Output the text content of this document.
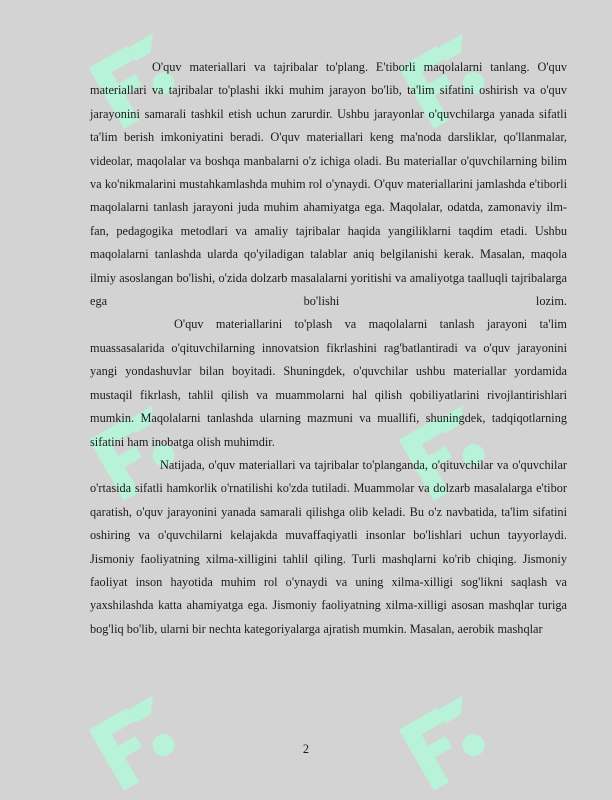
O'quv materiallari va tajribalar to'plang. E'tiborli maqolalarni tanlang. O'quv materiallari va tajribalar to'plashi ikki muhim jarayon bo'lib, ta'lim sifatini oshirish va o'quv jarayonini samarali tashkil etish uchun zarurdir. Ushbu jarayonlar o'quvchilarga yanada sifatli ta'lim berish imkoniyatini beradi. O'quv materiallari keng ma'noda darsliklar, qo'llanmalar, videolar, maqolalar va boshqa manbalarni o'z ichiga oladi. Bu materiallar o'quvchilarning bilim va ko'nikmalarini mustahkamlashda muhim rol o'ynaydi. O'quv materiallarini jamlashda e'tiborli maqolalarni tanlash jarayoni juda muhim ahamiyatga ega. Maqolalar, odatda, zamonaviy ilm-fan, pedagogika metodlari va amaliy tajribalar haqida yangiliklarni taqdim etadi. Ushbu maqolalarni tanlashda ularda qo'yiladigan talablar aniq belgilanishi kerak. Masalan, maqola ilmiy asoslangan bo'lishi, o'zida dolzarb masalalarni yoritishi va amaliyotga taalluqli tajribalarga ega bo'lishi lozim.

O'quv materiallarini to'plash va maqolalarni tanlash jarayoni ta'lim muassasalarida o'qituvchilarning innovatsion fikrlashini rag'batlantiradi va o'quv jarayonini yangi yondashuvlar bilan boyitadi. Shuningdek, o'quvchilar ushbu materiallar yordamida mustaqil fikrlash, tahlil qilish va muammolarni hal qilish qobiliyatlarini rivojlantirishlari mumkin. Maqolalarni tanlashda ularning mazmuni va muallifi, shuningdek, tadqiqotlarning sifatini ham inobatga olish muhimdir.

Natijada, o'quv materiallari va tajribalar to'planganda, o'qituvchilar va o'quvchilar o'rtasida sifatli hamkorlik o'rnatilishi ko'zda tutiladi. Muammolar va dolzarb masalalarga e'tibor qaratish, o'quv jarayonini yanada samarali qilishga olib keladi. Bu o'z navbatida, ta'lim sifatini oshiring va o'quvchilarni kelajakda muvaffaqiyatli insonlar bo'lishlari uchun tayyorlaydi. Jismoniy faoliyatning xilma-xilligini tahlil qiling. Turli mashqlarni ko'rib chiqing. Jismoniy faoliyat inson hayotida muhim rol o'ynaydi va uning xilma-xilligi sog'likni saqlash va yaxshilashda katta ahamiyatga ega. Jismoniy faoliyatning xilma-xilligi asosan mashqlar turiga bog'liq bo'lib, ularni bir nechta kategoriyalarga ajratish mumkin. Masalan, aerobik mashqlar

2
